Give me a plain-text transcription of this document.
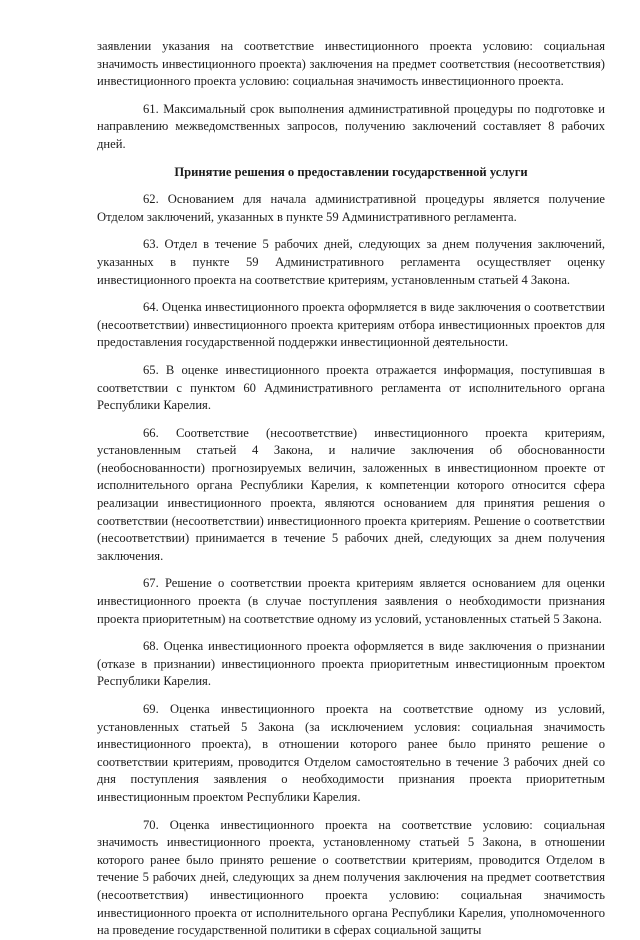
заявлении указания на соответствие инвестиционного проекта условию: социальная значимость инвестиционного проекта) заключения на предмет соответствия (несоответствия) инвестиционного проекта условию: социальная значимость инвестиционного проекта.

61. Максимальный срок выполнения административной процедуры по подготовке и направлению межведомственных запросов, получению заключений составляет 8 рабочих дней.

Принятие решения о предоставлении государственной услуги

62. Основанием для начала административной процедуры является получение Отделом заключений, указанных в пункте 59 Административного регламента.

63. Отдел в течение 5 рабочих дней, следующих за днем получения заключений, указанных в пункте 59 Административного регламента осуществляет оценку инвестиционного проекта на соответствие критериям, установленным статьей 4 Закона.

64. Оценка инвестиционного проекта оформляется в виде заключения о соответствии (несоответствии) инвестиционного проекта критериям отбора инвестиционных проектов для предоставления государственной поддержки инвестиционной деятельности.

65. В оценке инвестиционного проекта отражается информация, поступившая в соответствии с пунктом 60 Административного регламента от исполнительного органа Республики Карелия.

66. Соответствие (несоответствие) инвестиционного проекта критериям, установленным статьей 4 Закона, и наличие заключения об обоснованности (необоснованности) прогнозируемых величин, заложенных в инвестиционном проекте от исполнительного органа Республики Карелия, к компетенции которого относится сфера реализации инвестиционного проекта, являются основанием для принятия решения о соответствии (несоответствии) инвестиционного проекта критериям. Решение о соответствии (несоответствии) принимается в течение 5 рабочих дней, следующих за днем получения заключения.

67. Решение о соответствии проекта критериям является основанием для оценки инвестиционного проекта (в случае поступления заявления о необходимости признания проекта приоритетным) на соответствие одному из условий, установленных статьей 5 Закона.

68. Оценка инвестиционного проекта оформляется в виде заключения о признании (отказе в признании) инвестиционного проекта приоритетным инвестиционным проектом Республики Карелия.

69. Оценка инвестиционного проекта на соответствие одному из условий, установленных статьей 5 Закона (за исключением условия: социальная значимость инвестиционного проекта), в отношении которого ранее было принято решение о соответствии критериям, проводится Отделом самостоятельно в течение 3 рабочих дней со дня поступления заявления о необходимости признания проекта приоритетным инвестиционным проектом Республики Карелия.

70. Оценка инвестиционного проекта на соответствие условию: социальная значимость инвестиционного проекта, установленному статьей 5 Закона, в отношении которого ранее было принято решение о соответствии критериям, проводится Отделом в течение 5 рабочих дней, следующих за днем получения заключения на предмет соответствия (несоответствия) инвестиционного проекта условию: социальная значимость инвестиционного проекта от исполнительного органа Республики Карелия, уполномоченного на проведение государственной политики в сферах социальной защиты
